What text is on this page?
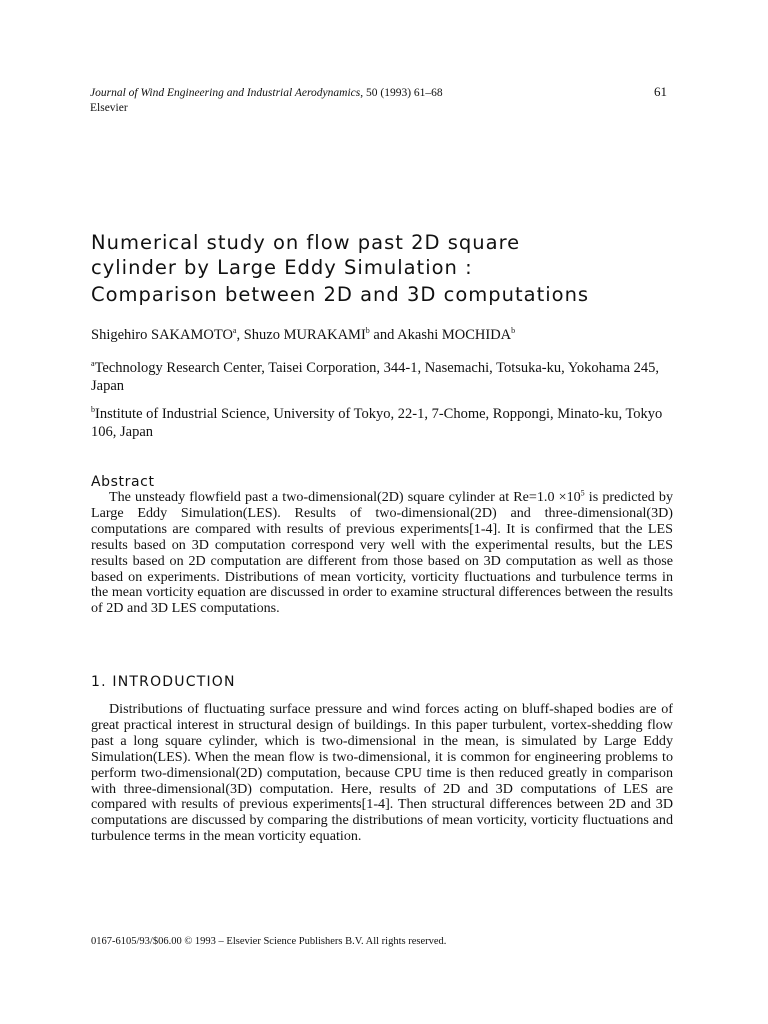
Journal of Wind Engineering and Industrial Aerodynamics, 50 (1993) 61–68
Elsevier
61
Numerical study on flow past 2D square
cylinder by Large Eddy Simulation :
Comparison between 2D and 3D computations
Shigehiro SAKAMOTO$^a$, Shuzo MURAKAMI$^b$ and Akashi MOCHIDA$^b$

$^a$Technology Research Center, Taisei Corporation, 344-1, Nasemachi, Totsuka-ku, Yokohama 245, Japan

$^b$Institute of Industrial Science, University of Tokyo, 22-1, 7-Chome, Roppongi, Minato-ku, Tokyo 106, Japan

Abstract

The unsteady flowfield past a two-dimensional(2D) square cylinder at $Re=1.0 \times 10^5$ is predicted by Large Eddy Simulation(LES). Results of two-dimensional(2D) and three-dimensional(3D) computations are compared with results of previous experiments[1-4]. It is confirmed that the LES results based on 3D computation correspond very well with the experimental results, but the LES results based on 2D computation are different from those based on 3D computation as well as those based on experiments. Distributions of mean vorticity, vorticity fluctuations and turbulence terms in the mean vorticity equation are discussed in order to examine structural differences between the results of 2D and 3D LES computations.

1. INTRODUCTION

Distributions of fluctuating surface pressure and wind forces acting on bluff-shaped bodies are of great practical interest in structural design of buildings. In this paper turbulent, vortex-shedding flow past a long square cylinder, which is two-dimensional in the mean, is simulated by Large Eddy Simulation(LES). When the mean flow is two-dimensional, it is common for engineering problems to perform two-dimensional(2D) computation, because CPU time is then reduced greatly in comparison with three-dimensional(3D) computation. Here, results of 2D and 3D computations of LES are compared with results of previous experiments[1-4]. Then structural differences between 2D and 3D computations are discussed by comparing the distributions of mean vorticity, vorticity fluctuations and turbulence terms in the mean vorticity equation.

0167-6105/93/$06.00 © 1993 – Elsevier Science Publishers B.V. All rights reserved.
